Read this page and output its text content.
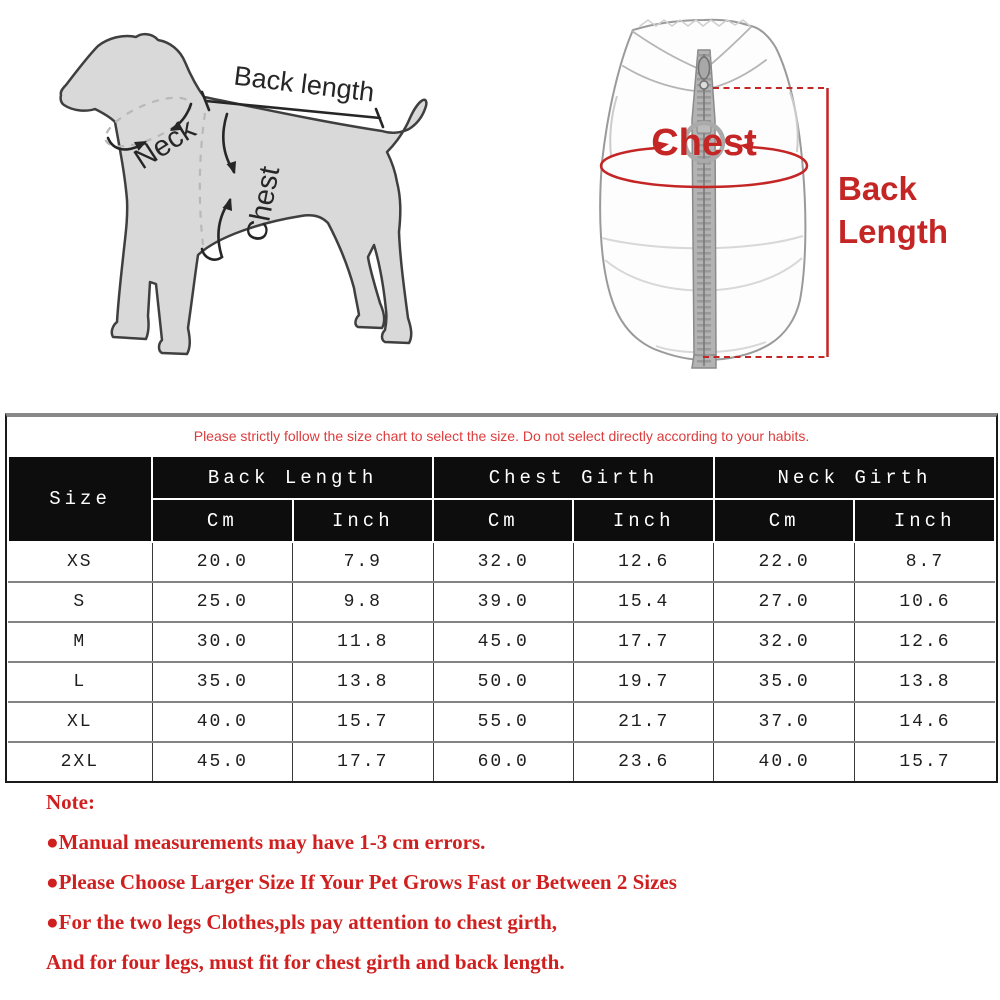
Back length
Neck
Chest
Chest
Back
Length
Please strictly follow the size chart to select the size. Do not select directly according to your habits.
Size	Back Length		Chest Girth		Neck Girth	
	Cm	Inch	Cm	Inch	Cm	Inch
XS	20.0	7.9	32.0	12.6	22.0	8.7
S	25.0	9.8	39.0	15.4	27.0	10.6
M	30.0	11.8	45.0	17.7	32.0	12.6
L	35.0	13.8	50.0	19.7	35.0	13.8
XL	40.0	15.7	55.0	21.7	37.0	14.6
2XL	45.0	17.7	60.0	23.6	40.0	15.7
Note:
●Manual measurements may have 1-3 cm errors.
●Please Choose Larger Size If Your Pet Grows Fast or Between 2 Sizes
●For the two legs Clothes,pls pay attention to chest girth,
And for four legs, must fit for chest girth and back length.
